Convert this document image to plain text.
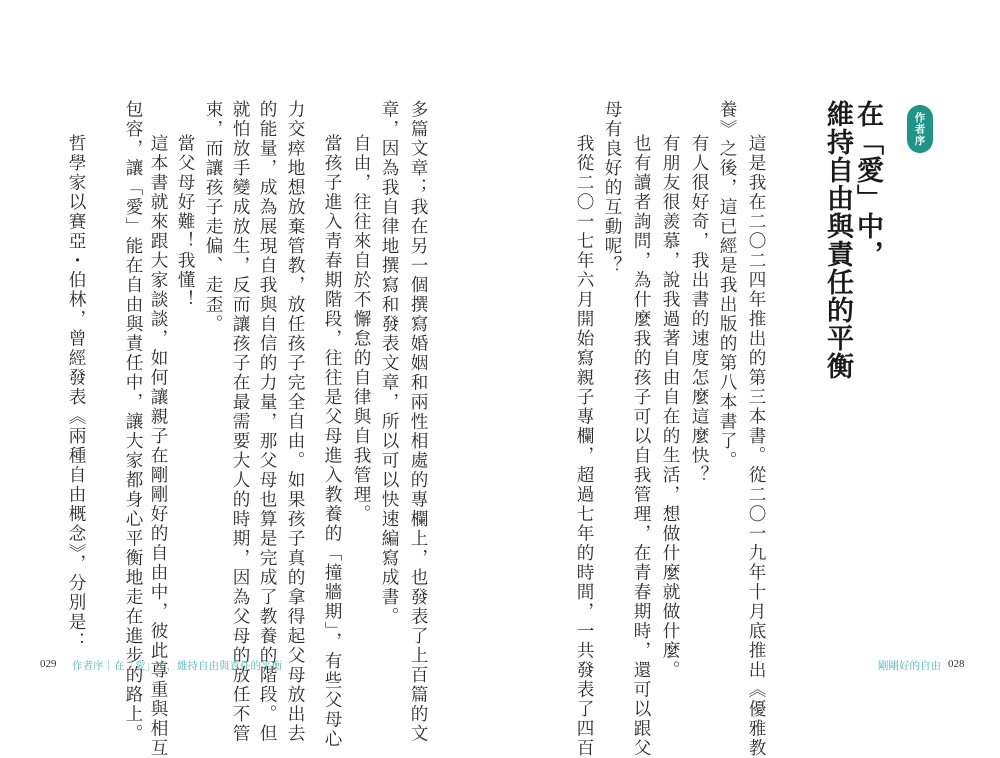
作者序
在「愛」中，
維持自由與責任的平衡
這是我在二〇二四年推出的第三本書。從二〇一九年十月底推出《優雅教
養》之後，這已經是我出版的第八本書了。
有人很好奇，我出書的速度怎麼這麼快？
有朋友很羨慕，說我過著自由自在的生活，想做什麼就做什麼。
也有讀者詢問，為什麼我的孩子可以自我管理，在青春期時，還可以跟父
母有良好的互動呢？
我從二〇一七年六月開始寫親子專欄，超過七年的時間，一共發表了四百	剛剛好的自由 028
多篇文章；我在另一個撰寫婚姻和兩性相處的專欄上，也發表了上百篇的文
章，因為我自律地撰寫和發表文章，所以可以快速編寫成書。
自由，往往來自於不懈怠的自律與自我管理。
當孩子進入青春期階段，往往是父母進入教養的「撞牆期」，有些父母心
力交瘁地想放棄管教，放任孩子完全自由。如果孩子真的拿得起父母放出去
的能量，成為展現自我與自信的力量，那父母也算是完成了教養的階段。但
就怕放手變成放生，反而讓孩子在最需要大人的時期，因為父母的放任不管
束，而讓孩子走偏、走歪。
當父母好難！我懂！
這本書就來跟大家談談，如何讓親子在剛剛好的自由中，彼此尊重與相互
包容，讓「愛」能在自由與責任中，讓大家都身心平衡地走在進步的路上。
哲學家以賽亞・伯林，曾經發表《兩種自由概念》，分別是：
029 作者序｜在「愛」中，維持自由與責任的平衡
